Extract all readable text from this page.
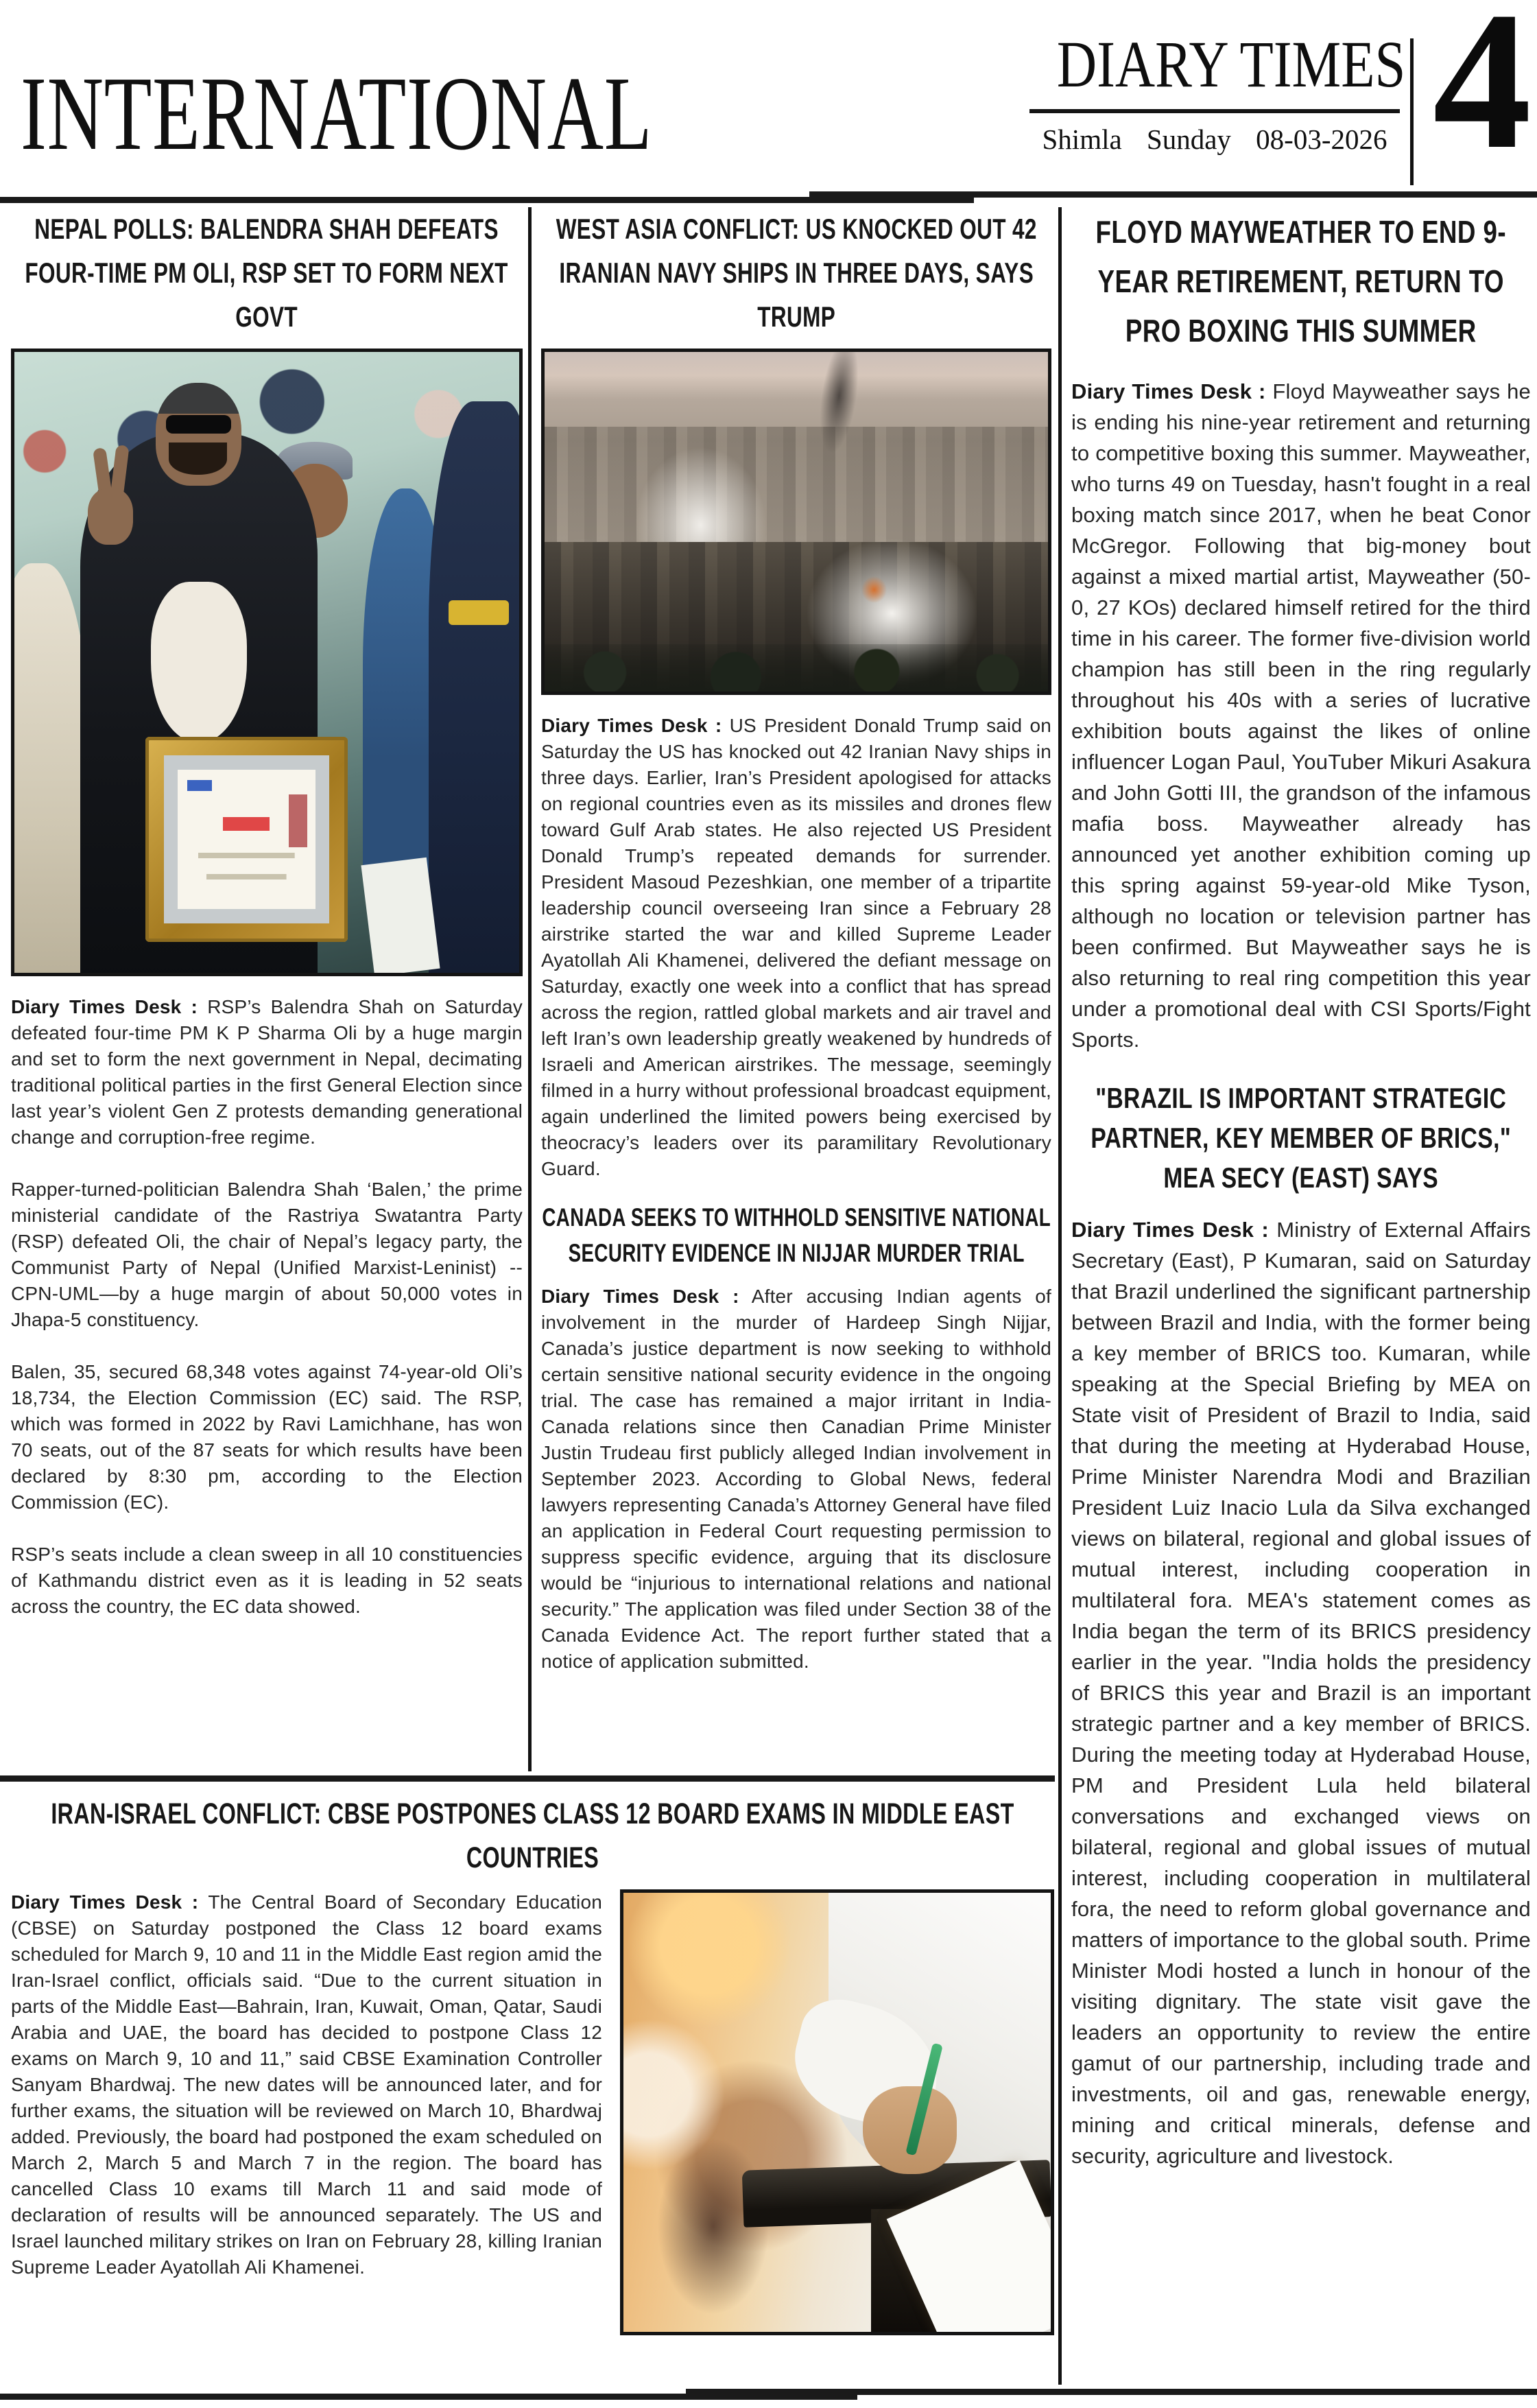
INTERNATIONAL	DIARY TIMES
Shimla Sunday 08-03-2026 4
NEPAL POLLS: BALENDRA SHAH DEFEATS FOUR-TIME PM OLI, RSP SET TO FORM NEXT GOVT

Diary Times Desk : RSP’s Balendra Shah on Saturday defeated four-time PM K P Sharma Oli by a huge margin and set to form the next government in Nepal, decimating traditional political parties in the first General Election since last year’s violent Gen Z protests demanding generational change and corruption-free regime.

Rapper-turned-politician Balendra Shah ‘Balen,’ the prime ministerial candidate of the Rastriya Swatantra Party (RSP) defeated Oli, the chair of Nepal’s legacy party, the Communist Party of Nepal (Unified Marxist-Leninist) -- CPN-UML—by a huge margin of about 50,000 votes in Jhapa-5 constituency.

Balen, 35, secured 68,348 votes against 74-year-old Oli’s 18,734, the Election Commission (EC) said. The RSP, which was formed in 2022 by Ravi Lamichhane, has won 70 seats, out of the 87 seats for which results have been declared by 8:30 pm, according to the Election Commission (EC).

RSP’s seats include a clean sweep in all 10 constituencies of Kathmandu district even as it is leading in 52 seats across the country, the EC data showed.

WEST ASIA CONFLICT: US KNOCKED OUT 42 IRANIAN NAVY SHIPS IN THREE DAYS, SAYS TRUMP

Diary Times Desk : US President Donald Trump said on Saturday the US has knocked out 42 Iranian Navy ships in three days. Earlier, Iran’s President apologised for attacks on regional countries even as its missiles and drones flew toward Gulf Arab states. He also rejected US President Donald Trump’s repeated demands for surrender. President Masoud Pezeshkian, one member of a tripartite leadership council overseeing Iran since a February 28 airstrike started the war and killed Supreme Leader Ayatollah Ali Khamenei, delivered the defiant message on Saturday, exactly one week into a conflict that has spread across the region, rattled global markets and air travel and left Iran’s own leadership greatly weakened by hundreds of Israeli and American airstrikes. The message, seemingly filmed in a hurry without professional broadcast equipment, again underlined the limited powers being exercised by theocracy’s leaders over its paramilitary Revolutionary Guard.

CANADA SEEKS TO WITHHOLD SENSITIVE NATIONAL SECURITY EVIDENCE IN NIJJAR MURDER TRIAL

Diary Times Desk : After accusing Indian agents of involvement in the murder of Hardeep Singh Nijjar, Canada’s justice department is now seeking to withhold certain sensitive national security evidence in the ongoing trial. The case has remained a major irritant in India-Canada relations since then Canadian Prime Minister Justin Trudeau first publicly alleged Indian involvement in September 2023. According to Global News, federal lawyers representing Canada’s Attorney General have filed an application in Federal Court requesting permission to suppress specific evidence, arguing that its disclosure would be “injurious to international relations and national security.” The application was filed under Section 38 of the Canada Evidence Act. The report further stated that a notice of application submitted.

FLOYD MAYWEATHER TO END 9-YEAR RETIREMENT, RETURN TO PRO BOXING THIS SUMMER

Diary Times Desk : Floyd Mayweather says he is ending his nine-year retirement and returning to competitive boxing this summer. Mayweather, who turns 49 on Tuesday, hasn't fought in a real boxing match since 2017, when he beat Conor McGregor. Following that big-money bout against a mixed martial artist, Mayweather (50-0, 27 KOs) declared himself retired for the third time in his career. The former five-division world champion has still been in the ring regularly throughout his 40s with a series of lucrative exhibition bouts against the likes of online influencer Logan Paul, YouTuber Mikuri Asakura and John Gotti III, the grandson of the infamous mafia boss. Mayweather already has announced yet another exhibition coming up this spring against 59-year-old Mike Tyson, although no location or television partner has been confirmed. But Mayweather says he is also returning to real ring competition this year under a promotional deal with CSI Sports/Fight Sports.

"BRAZIL IS IMPORTANT STRATEGIC PARTNER, KEY MEMBER OF BRICS," MEA SECY (EAST) SAYS

Diary Times Desk : Ministry of External Affairs Secretary (East), P Kumaran, said on Saturday that Brazil underlined the significant partnership between Brazil and India, with the former being a key member of BRICS too. Kumaran, while speaking at the Special Briefing by MEA on State visit of President of Brazil to India, said that during the meeting at Hyderabad House, Prime Minister Narendra Modi and Brazilian President Luiz Inacio Lula da Silva exchanged views on bilateral, regional and global issues of mutual interest, including cooperation in multilateral fora. MEA's statement comes as India began the term of its BRICS presidency earlier in the year. "India holds the presidency of BRICS this year and Brazil is an important strategic partner and a key member of BRICS. During the meeting today at Hyderabad House, PM and President Lula held bilateral conversations and exchanged views on bilateral, regional and global issues of mutual interest, including cooperation in multilateral fora, the need to reform global governance and matters of importance to the global south. Prime Minister Modi hosted a lunch in honour of the visiting dignitary. The state visit gave the leaders an opportunity to review the entire gamut of our partnership, including trade and investments, oil and gas, renewable energy, mining and critical minerals, defense and security, agriculture and livestock.

IRAN-ISRAEL CONFLICT: CBSE POSTPONES CLASS 12 BOARD EXAMS IN MIDDLE EAST COUNTRIES

Diary Times Desk : The Central Board of Secondary Education (CBSE) on Saturday postponed the Class 12 board exams scheduled for March 9, 10 and 11 in the Middle East region amid the Iran-Israel conflict, officials said. “Due to the current situation in parts of the Middle East—Bahrain, Iran, Kuwait, Oman, Qatar, Saudi Arabia and UAE, the board has decided to postpone Class 12 exams on March 9, 10 and 11,” said CBSE Examination Controller Sanyam Bhardwaj. The new dates will be announced later, and for further exams, the situation will be reviewed on March 10, Bhardwaj added. Previously, the board had postponed the exam scheduled on March 2, March 5 and March 7 in the region. The board has cancelled Class 10 exams till March 11 and said mode of declaration of results will be announced separately. The US and Israel launched military strikes on Iran on February 28, killing Iranian Supreme Leader Ayatollah Ali Khamenei.
